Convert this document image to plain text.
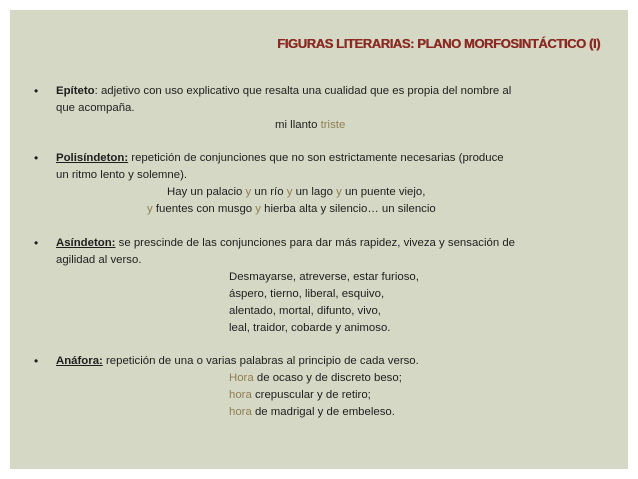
FIGURAS LITERARIAS: PLANO MORFOSINTÁCTICO (I)
• Epíteto: adjetivo con uso explicativo que resalta una cualidad que es propia del nombre al
que acompaña.
mi llanto triste
• Polisíndeton: repetición de conjunciones que no son estrictamente necesarias (produce
un ritmo lento y solemne).
Hay un palacio y un río y un lago y un puente viejo,
y fuentes con musgo y hierba alta y silencio… un silencio
• Asíndeton: se prescinde de las conjunciones para dar más rapidez, viveza y sensación de
agilidad al verso.
Desmayarse, atreverse, estar furioso,
áspero, tierno, liberal, esquivo,
alentado, mortal, difunto, vivo,
leal, traidor, cobarde y animoso.
• Anáfora: repetición de una o varias palabras al principio de cada verso.
Hora de ocaso y de discreto beso;
hora crepuscular y de retiro;
hora de madrigal y de embeleso.
